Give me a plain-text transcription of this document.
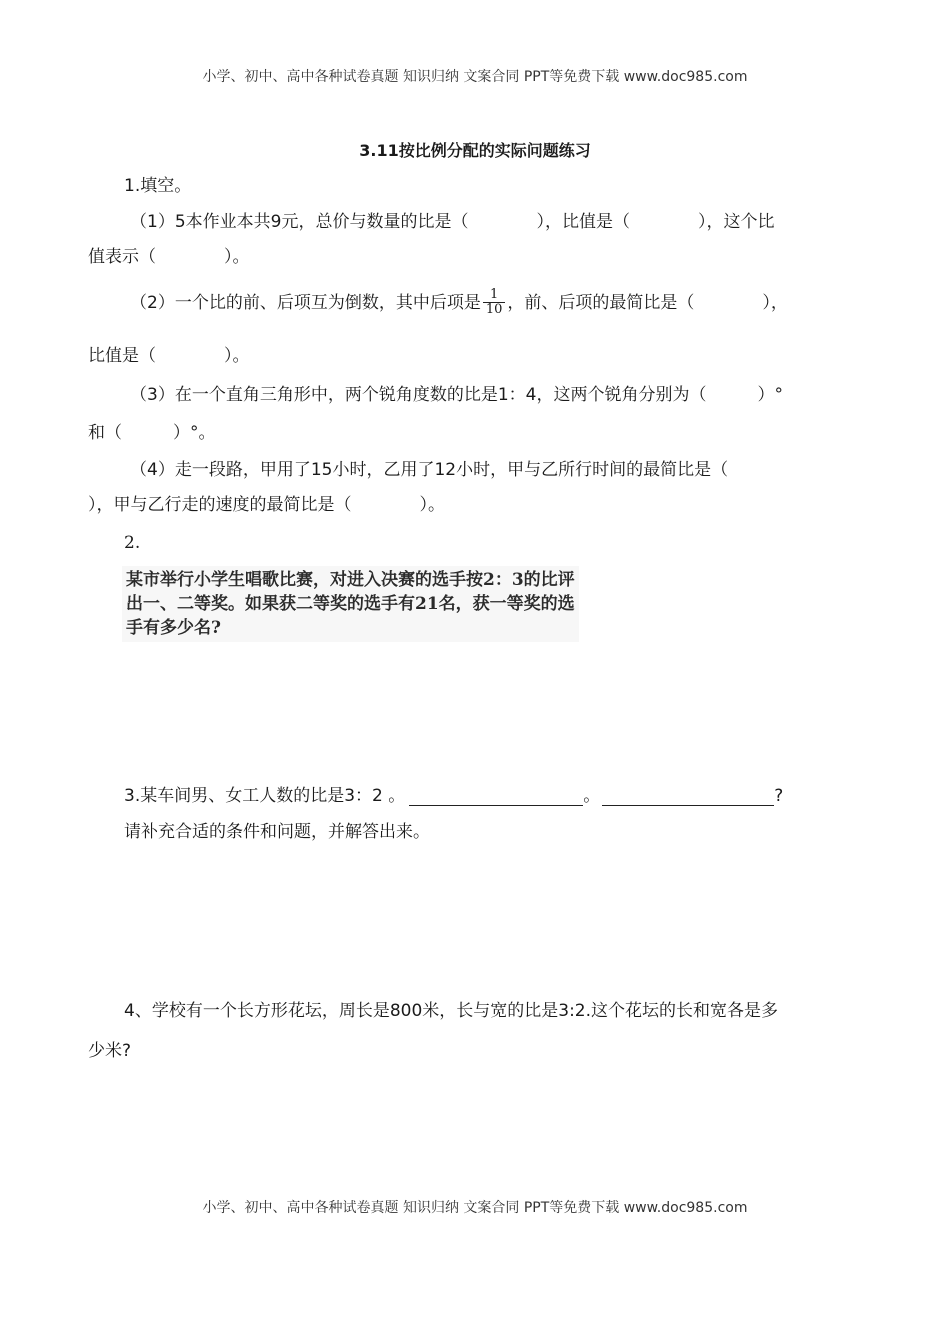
小学、初中、高中各种试卷真题 知识归纳 文案合同 PPT等免费下载 www.doc985.com
3.11按比例分配的实际问题练习
1.填空。
（1）5本作业本共9元，总价与数量的比是（　　　　），比值是（　　　　），这个比
值表示（　　　　）。
（2）一个比的前、后项互为倒数，其中后项是 $\frac{1}{10}$ ，前、后项的最简比是（　　　　），
比值是（　　　　）。
（3）在一个直角三角形中，两个锐角度数的比是1：4，这两个锐角分别为（　　　）°
和（　　　）°。
（4）走一段路，甲用了15小时，乙用了12小时，甲与乙所行时间的最简比是（
），甲与乙行走的速度的最简比是（　　　　）。
2.
某市举行小学生唱歌比赛，对进入决赛的选手按2：3的比评
出一、二等奖。如果获二等奖的选手有21名，获一等奖的选
手有多少名?
3.某车间男、女工人数的比是3：2 。	。	?
请补充合适的条件和问题，并解答出来。
4、学校有一个长方形花坛，周长是800米，长与宽的比是3:2.这个花坛的长和宽各是多
少米?
小学、初中、高中各种试卷真题 知识归纳 文案合同 PPT等免费下载 www.doc985.com
